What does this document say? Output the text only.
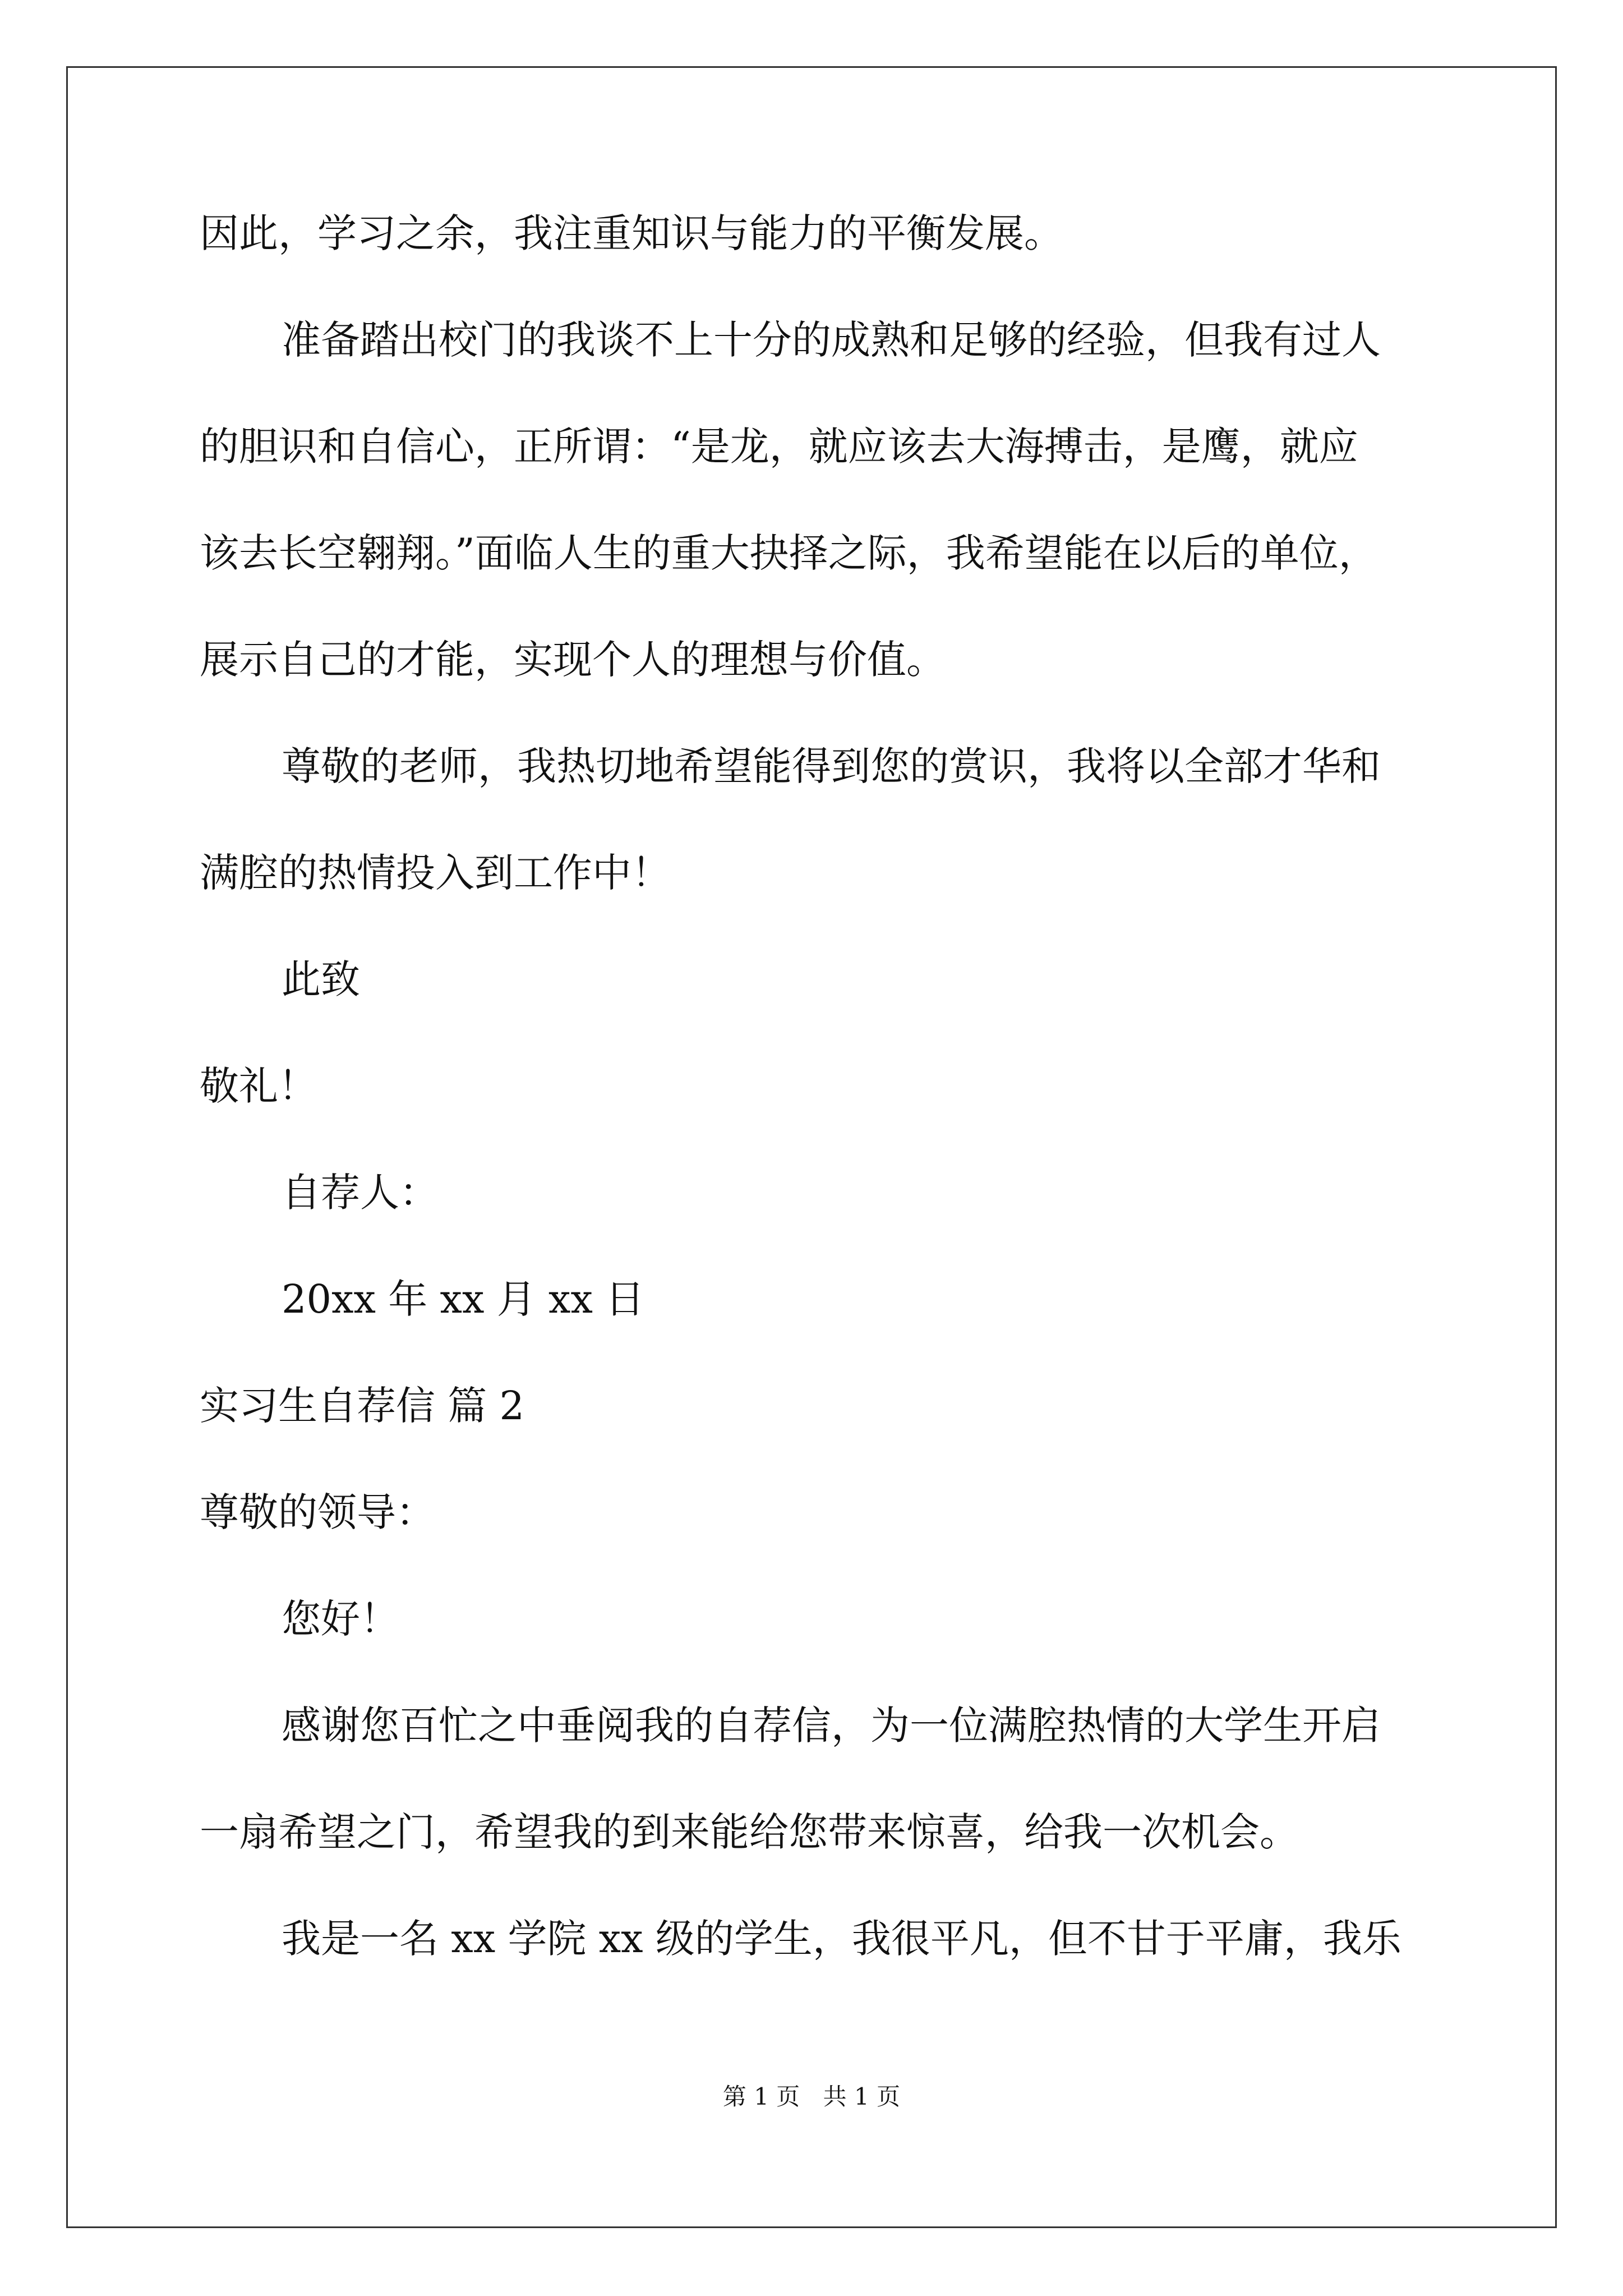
因此，学习之余，我注重知识与能力的平衡发展。
准备踏出校门的我谈不上十分的成熟和足够的经验，但我有过人
的胆识和自信心，正所谓：“是龙，就应该去大海搏击，是鹰，就应
该去长空翱翔。”面临人生的重大抉择之际，我希望能在以后的单位，
展示自己的才能，实现个人的理想与价值。
尊敬的老师，我热切地希望能得到您的赏识，我将以全部才华和
满腔的热情投入到工作中！
此致
敬礼！
自荐人：
20xx 年 xx 月 xx 日
实习生自荐信 篇 2
尊敬的领导：
您好！
感谢您百忙之中垂阅我的自荐信，为一位满腔热情的大学生开启
一扇希望之门，希望我的到来能给您带来惊喜，给我一次机会。
我是一名 xx 学院 xx 级的学生，我很平凡，但不甘于平庸，我乐
第 1 页 共 1 页
